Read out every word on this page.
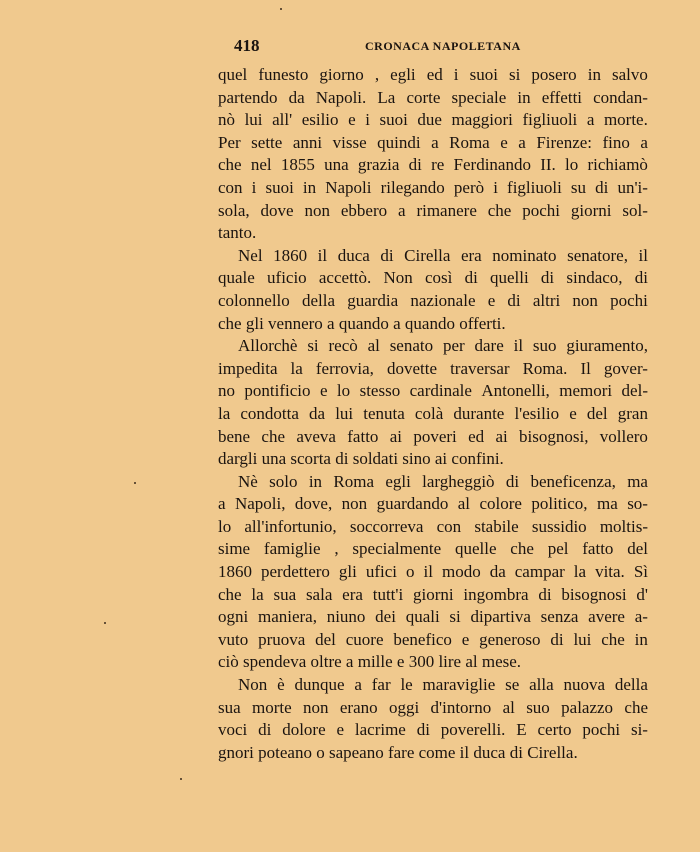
418	CRONACA NAPOLETANA
quel funesto giorno , egli ed i suoi si posero in salvo
partendo da Napoli. La corte speciale in effetti condan-
nò lui all' esilio e i suoi due maggiori figliuoli a morte.
Per sette anni visse quindi a Roma e a Firenze: fino a
che nel 1855 una grazia di re Ferdinando II. lo richiamò
con i suoi in Napoli rilegando però i figliuoli su di un'i-
sola, dove non ebbero a rimanere che pochi giorni sol-
tanto.
Nel 1860 il duca di Cirella era nominato senatore, il
quale uficio accettò. Non così di quelli di sindaco, di
colonnello della guardia nazionale e di altri non pochi
che gli vennero a quando a quando offerti.
Allorchè si recò al senato per dare il suo giuramento,
impedita la ferrovia, dovette traversar Roma. Il gover-
no pontificio e lo stesso cardinale Antonelli, memori del-
la condotta da lui tenuta colà durante l'esilio e del gran
bene che aveva fatto ai poveri ed ai bisognosi, vollero
dargli una scorta di soldati sino ai confini.
Nè solo in Roma egli largheggiò di beneficenza, ma
a Napoli, dove, non guardando al colore politico, ma so-
lo all'infortunio, soccorreva con stabile sussidio moltis-
sime famiglie , specialmente quelle che pel fatto del
1860 perdettero gli ufici o il modo da campar la vita. Sì
che la sua sala era tutt'i giorni ingombra di bisognosi d'
ogni maniera, niuno dei quali si dipartiva senza avere a-
vuto pruova del cuore benefico e generoso di lui che in
ciò spendeva oltre a mille e 300 lire al mese.
Non è dunque a far le maraviglie se alla nuova della
sua morte non erano oggi d'intorno al suo palazzo che
voci di dolore e lacrime di poverelli. E certo pochi si-
gnori poteano o sapeano fare come il duca di Cirella.
